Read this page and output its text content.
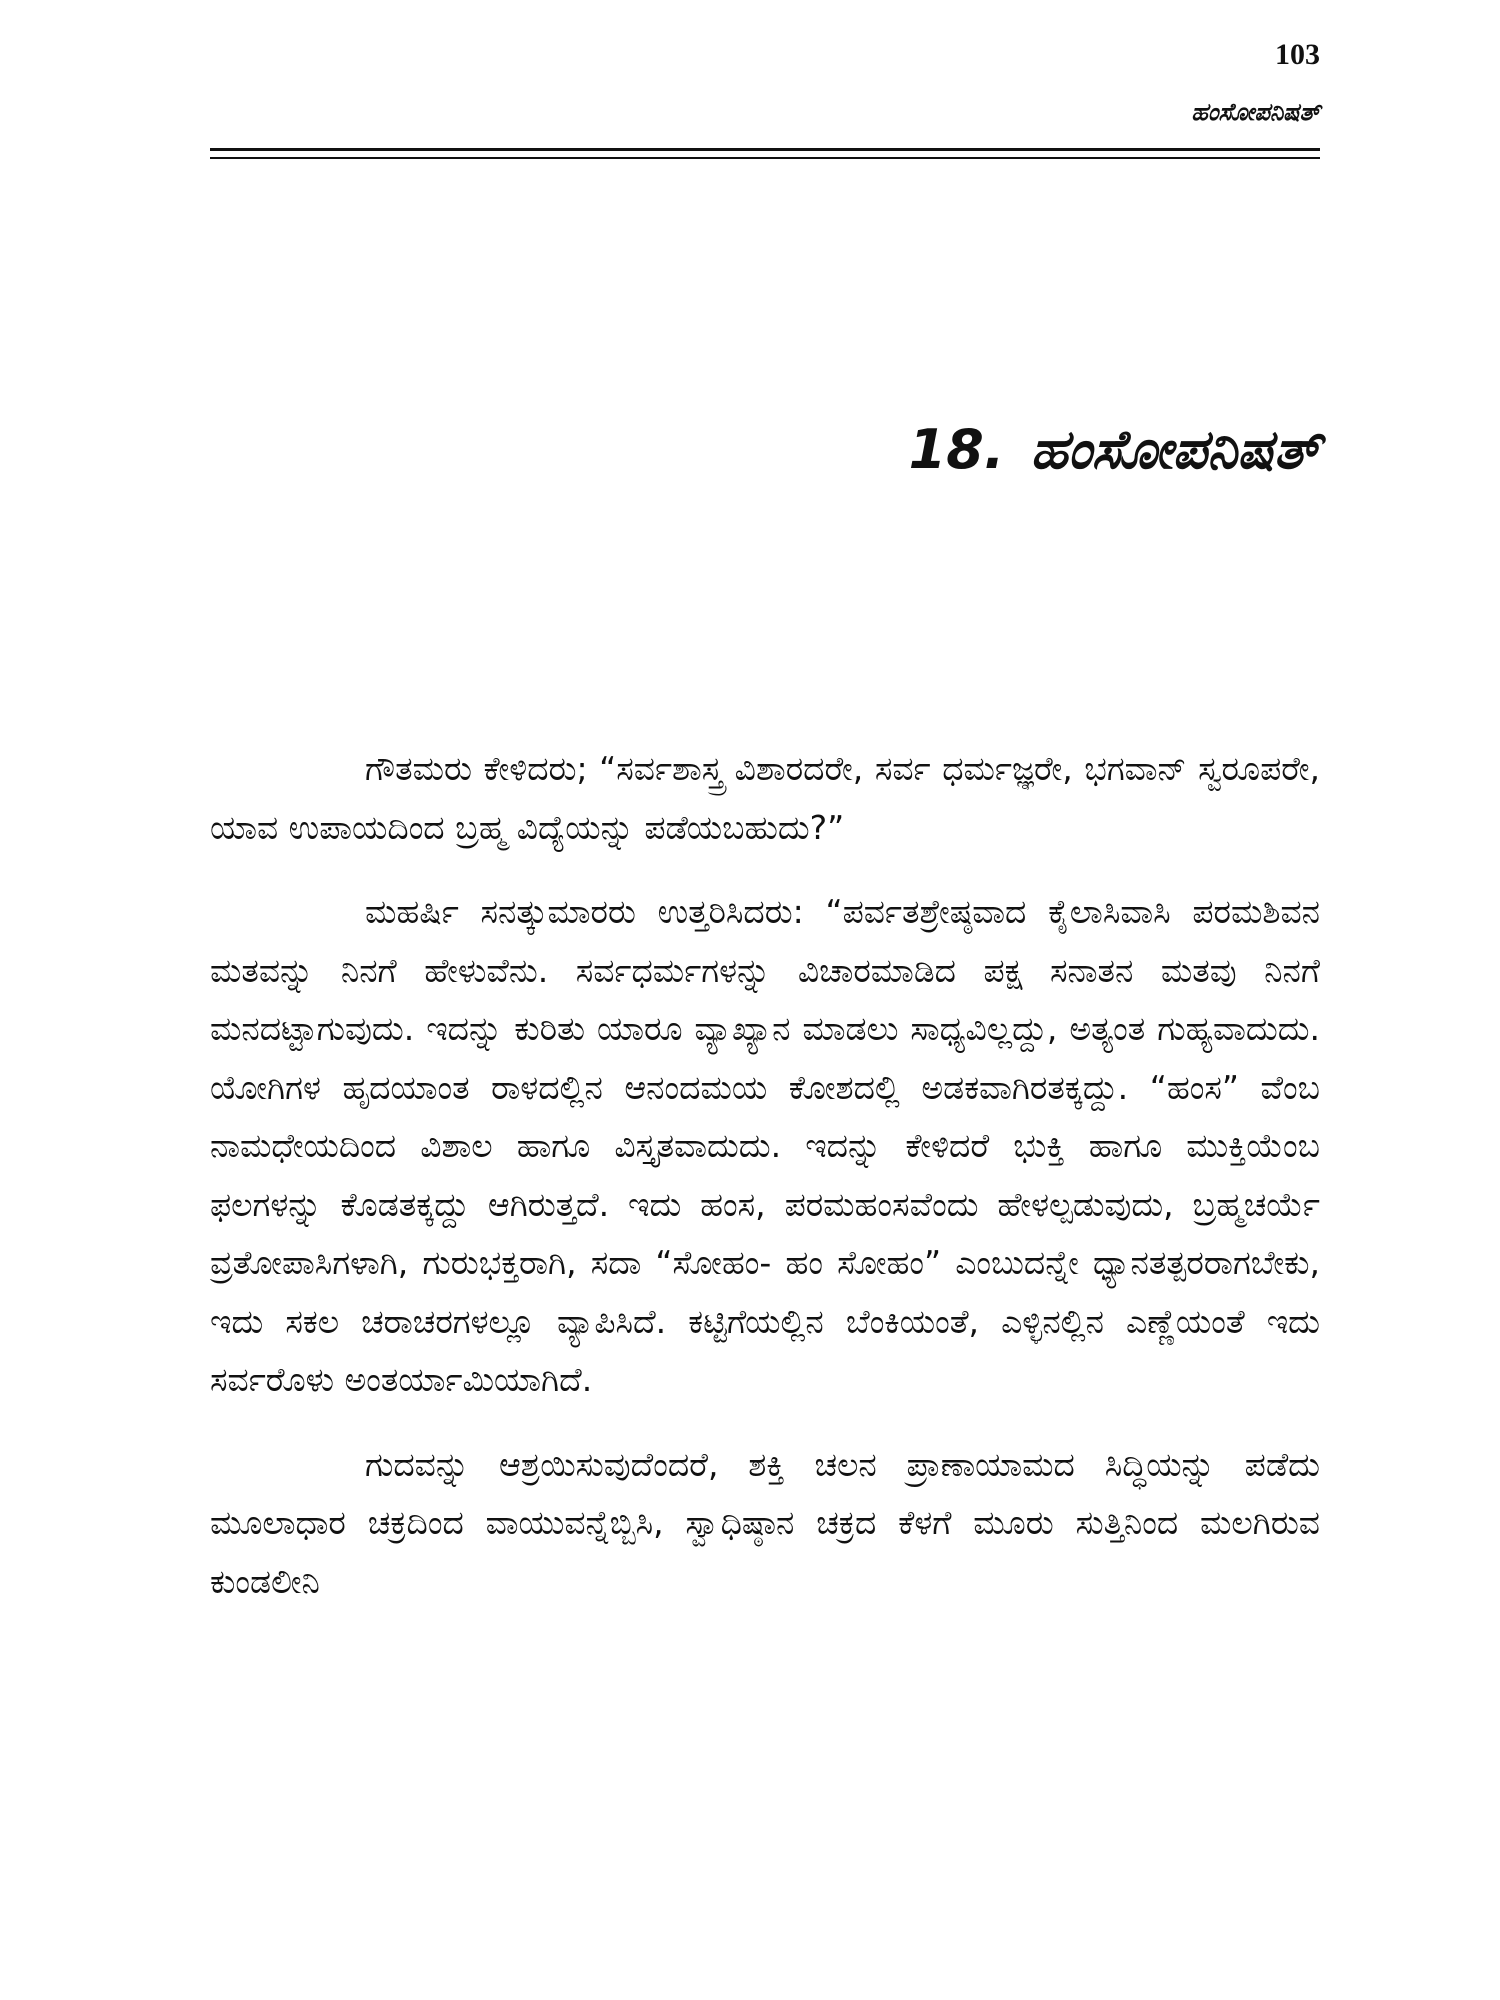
103
ಹಂಸೋಪನಿಷತ್
18. ಹಂಸೋಪನಿಷತ್

ಗೌತಮರು ಕೇಳಿದರು; “ಸರ್ವಶಾಸ್ತ್ರ ವಿಶಾರದರೇ, ಸರ್ವ ಧರ್ಮಜ್ಞರೇ, ಭಗವಾನ್ ಸ್ವರೂಪರೇ, ಯಾವ ಉಪಾಯದಿಂದ ಬ್ರಹ್ಮ ವಿದ್ಯೆಯನ್ನು ಪಡೆಯಬಹುದು?”

ಮಹರ್ಷಿ ಸನತ್ಕುಮಾರರು ಉತ್ತರಿಸಿದರು: “ಪರ್ವತಶ್ರೇಷ್ಠವಾದ ಕೈಲಾಸಿವಾಸಿ ಪರಮಶಿವನ ಮತವನ್ನು ನಿನಗೆ ಹೇಳುವೆನು. ಸರ್ವಧರ್ಮಗಳನ್ನು ವಿಚಾರಮಾಡಿದ ಪಕ್ಷ ಸನಾತನ ಮತವು ನಿನಗೆ ಮನದಟ್ಟಾಗುವುದು. ಇದನ್ನು ಕುರಿತು ಯಾರೂ ವ್ಯಾಖ್ಯಾನ ಮಾಡಲು ಸಾಧ್ಯವಿಲ್ಲದ್ದು, ಅತ್ಯಂತ ಗುಹ್ಯವಾದುದು. ಯೋಗಿಗಳ ಹೃದಯಾಂತ ರಾಳದಲ್ಲಿನ ಆನಂದಮಯ ಕೋಶದಲ್ಲಿ ಅಡಕವಾಗಿರತಕ್ಕದ್ದು. “ಹಂಸ” ವೆಂಬ ನಾಮಧೇಯದಿಂದ ವಿಶಾಲ ಹಾಗೂ ವಿಸ್ತೃತವಾದುದು. ಇದನ್ನು ಕೇಳಿದರೆ ಭುಕ್ತಿ ಹಾಗೂ ಮುಕ್ತಿಯೆಂಬ ಫಲಗಳನ್ನು ಕೊಡತಕ್ಕದ್ದು ಆಗಿರುತ್ತದೆ. ಇದು ಹಂಸ, ಪರಮಹಂಸವೆಂದು ಹೇಳಲ್ಪಡುವುದು, ಬ್ರಹ್ಮಚರ್ಯೆ ವ್ರತೋಪಾಸಿಗಳಾಗಿ, ಗುರುಭಕ್ತರಾಗಿ, ಸದಾ “ಸೋಹಂ- ಹಂ ಸೋಹಂ” ಎಂಬುದನ್ನೇ ಧ್ಯಾನತತ್ಪರರಾಗಬೇಕು, ಇದು ಸಕಲ ಚರಾಚರಗಳಲ್ಲೂ ವ್ಯಾಪಿಸಿದೆ. ಕಟ್ಟಿಗೆಯಲ್ಲಿನ ಬೆಂಕಿಯಂತೆ, ಎಳ್ಳಿನಲ್ಲಿನ ಎಣ್ಣೆಯಂತೆ ಇದು ಸರ್ವರೊಳು ಅಂತರ್ಯಾಮಿಯಾಗಿದೆ.

ಗುದವನ್ನು ಆಶ್ರಯಿಸುವುದೆಂದರೆ, ಶಕ್ತಿ ಚಲನ ಪ್ರಾಣಾಯಾಮದ ಸಿದ್ಧಿಯನ್ನು ಪಡೆದು ಮೂಲಾಧಾರ ಚಕ್ರದಿಂದ ವಾಯುವನ್ನೆಬ್ಬಿಸಿ, ಸ್ವಾಧಿಷ್ಠಾನ ಚಕ್ರದ ಕೆಳಗೆ ಮೂರು ಸುತ್ತಿನಿಂದ ಮಲಗಿರುವ ಕುಂಡಲೀನಿ
